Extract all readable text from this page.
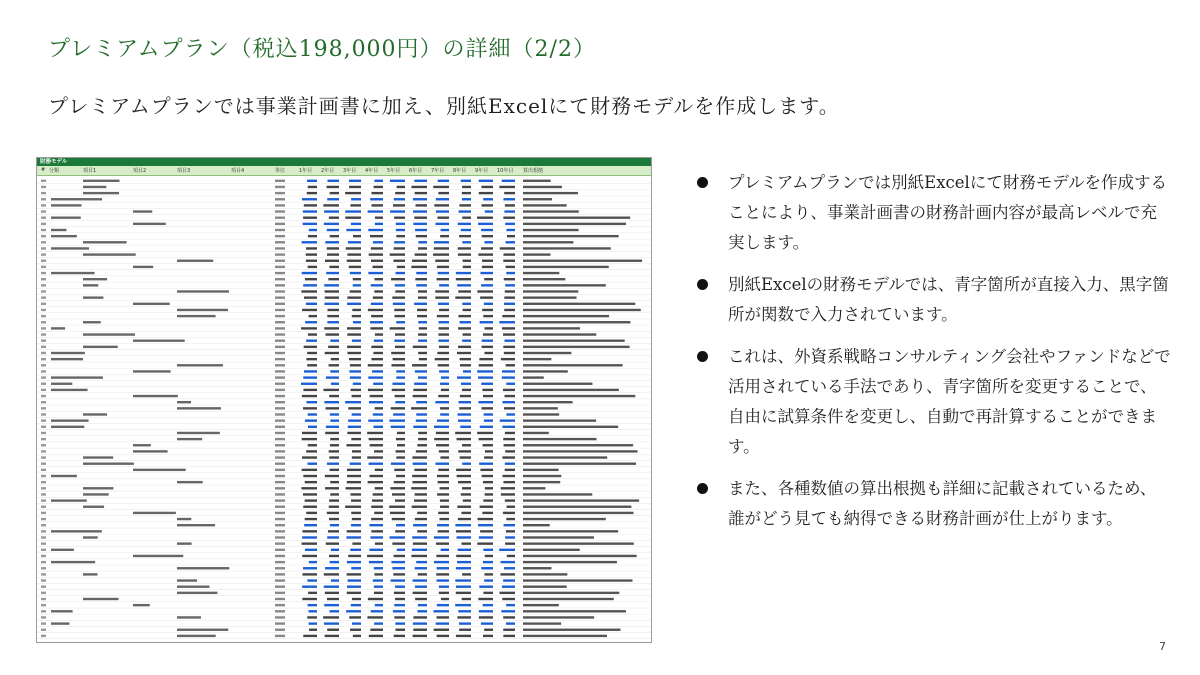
プレミアムプラン（税込198,000円）の詳細（2/2）

プレミアムプランでは事業計画書に加え、別紙Excelにて財務モデルを作成します。

財務モデル
# 分類	項目1	項目2	項目3	項目4	単位	1年目 2年目 3年目 4年目 5年目 6年目 7年目 8年目 9年目 10年目 算出根拠
プレミアムプランでは別紙Excelにて財務モデルを作成することにより、事業計画書の財務計画内容が最高レベルで充実します。
別紙Excelの財務モデルでは、青字箇所が直接入力、黒字箇所が関数で入力されています。
これは、外資系戦略コンサルティング会社やファンドなどで活用されている手法であり、青字箇所を変更することで、自由に試算条件を変更し、自動で再計算することができます。
また、各種数値の算出根拠も詳細に記載されているため、誰がどう見ても納得できる財務計画が仕上がります。
7
